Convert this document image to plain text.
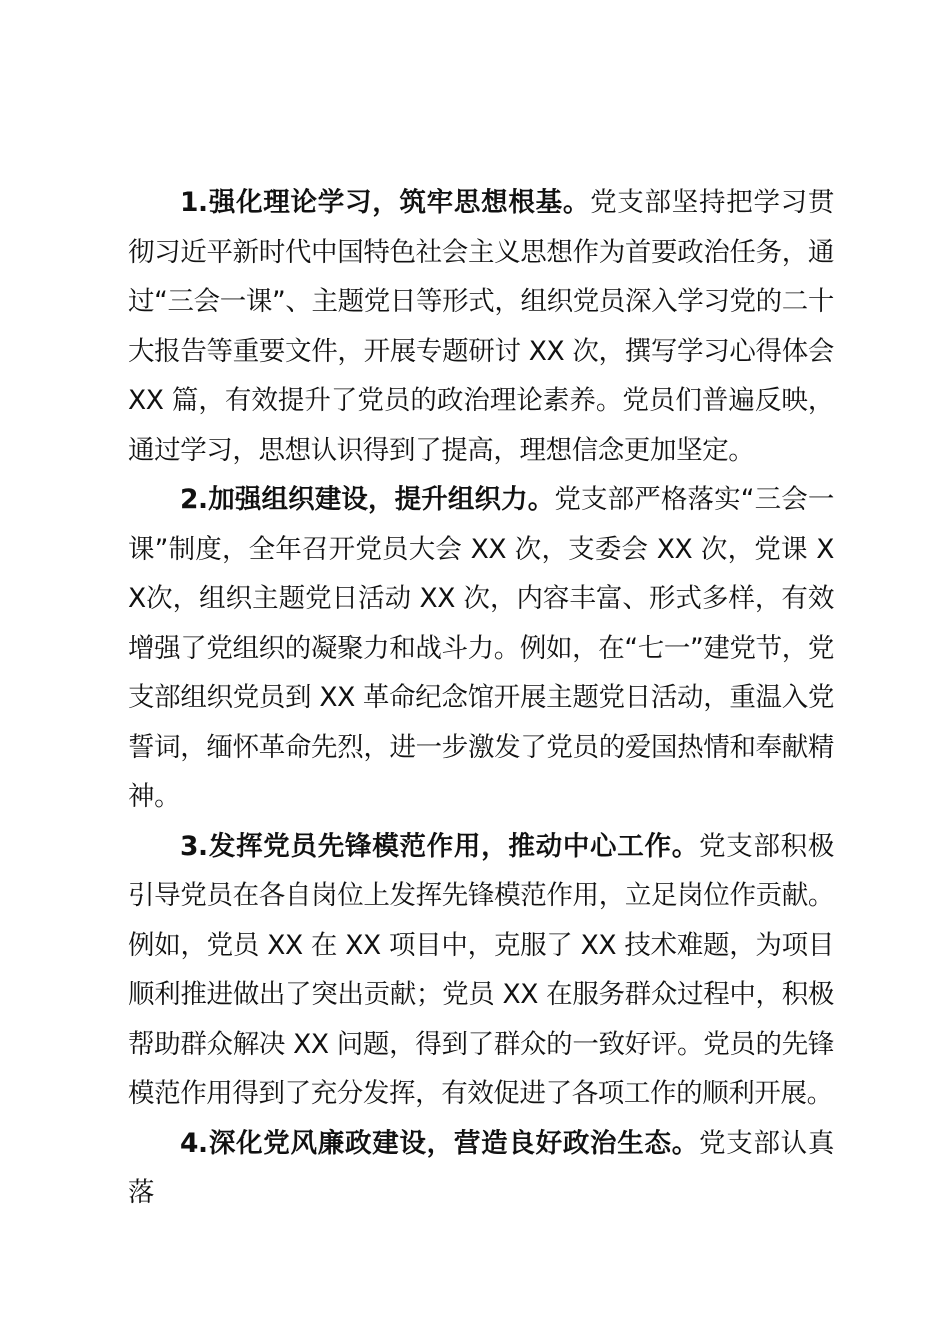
1.强化理论学习，筑牢思想根基。党支部坚持把学习贯彻习近平新时代中国特色社会主义思想作为首要政治任务，通过“三会一课”、主题党日等形式，组织党员深入学习党的二十大报告等重要文件，开展专题研讨 XX 次，撰写学习心得体会XX 篇，有效提升了党员的政治理论素养。党员们普遍反映，通过学习，思想认识得到了提高，理想信念更加坚定。

2.加强组织建设，提升组织力。党支部严格落实“三会一课”制度，全年召开党员大会 XX 次，支委会 XX 次，党课 XX次，组织主题党日活动 XX 次，内容丰富、形式多样，有效增强了党组织的凝聚力和战斗力。例如，在“七一”建党节，党支部组织党员到 XX 革命纪念馆开展主题党日活动，重温入党誓词，缅怀革命先烈，进一步激发了党员的爱国热情和奉献精神。

3.发挥党员先锋模范作用，推动中心工作。党支部积极引导党员在各自岗位上发挥先锋模范作用，立足岗位作贡献。例如，党员 XX 在 XX 项目中，克服了 XX 技术难题，为项目顺利推进做出了突出贡献；党员 XX 在服务群众过程中，积极帮助群众解决 XX 问题，得到了群众的一致好评。党员的先锋模范作用得到了充分发挥，有效促进了各项工作的顺利开展。

4.深化党风廉政建设，营造良好政治生态。党支部认真落
